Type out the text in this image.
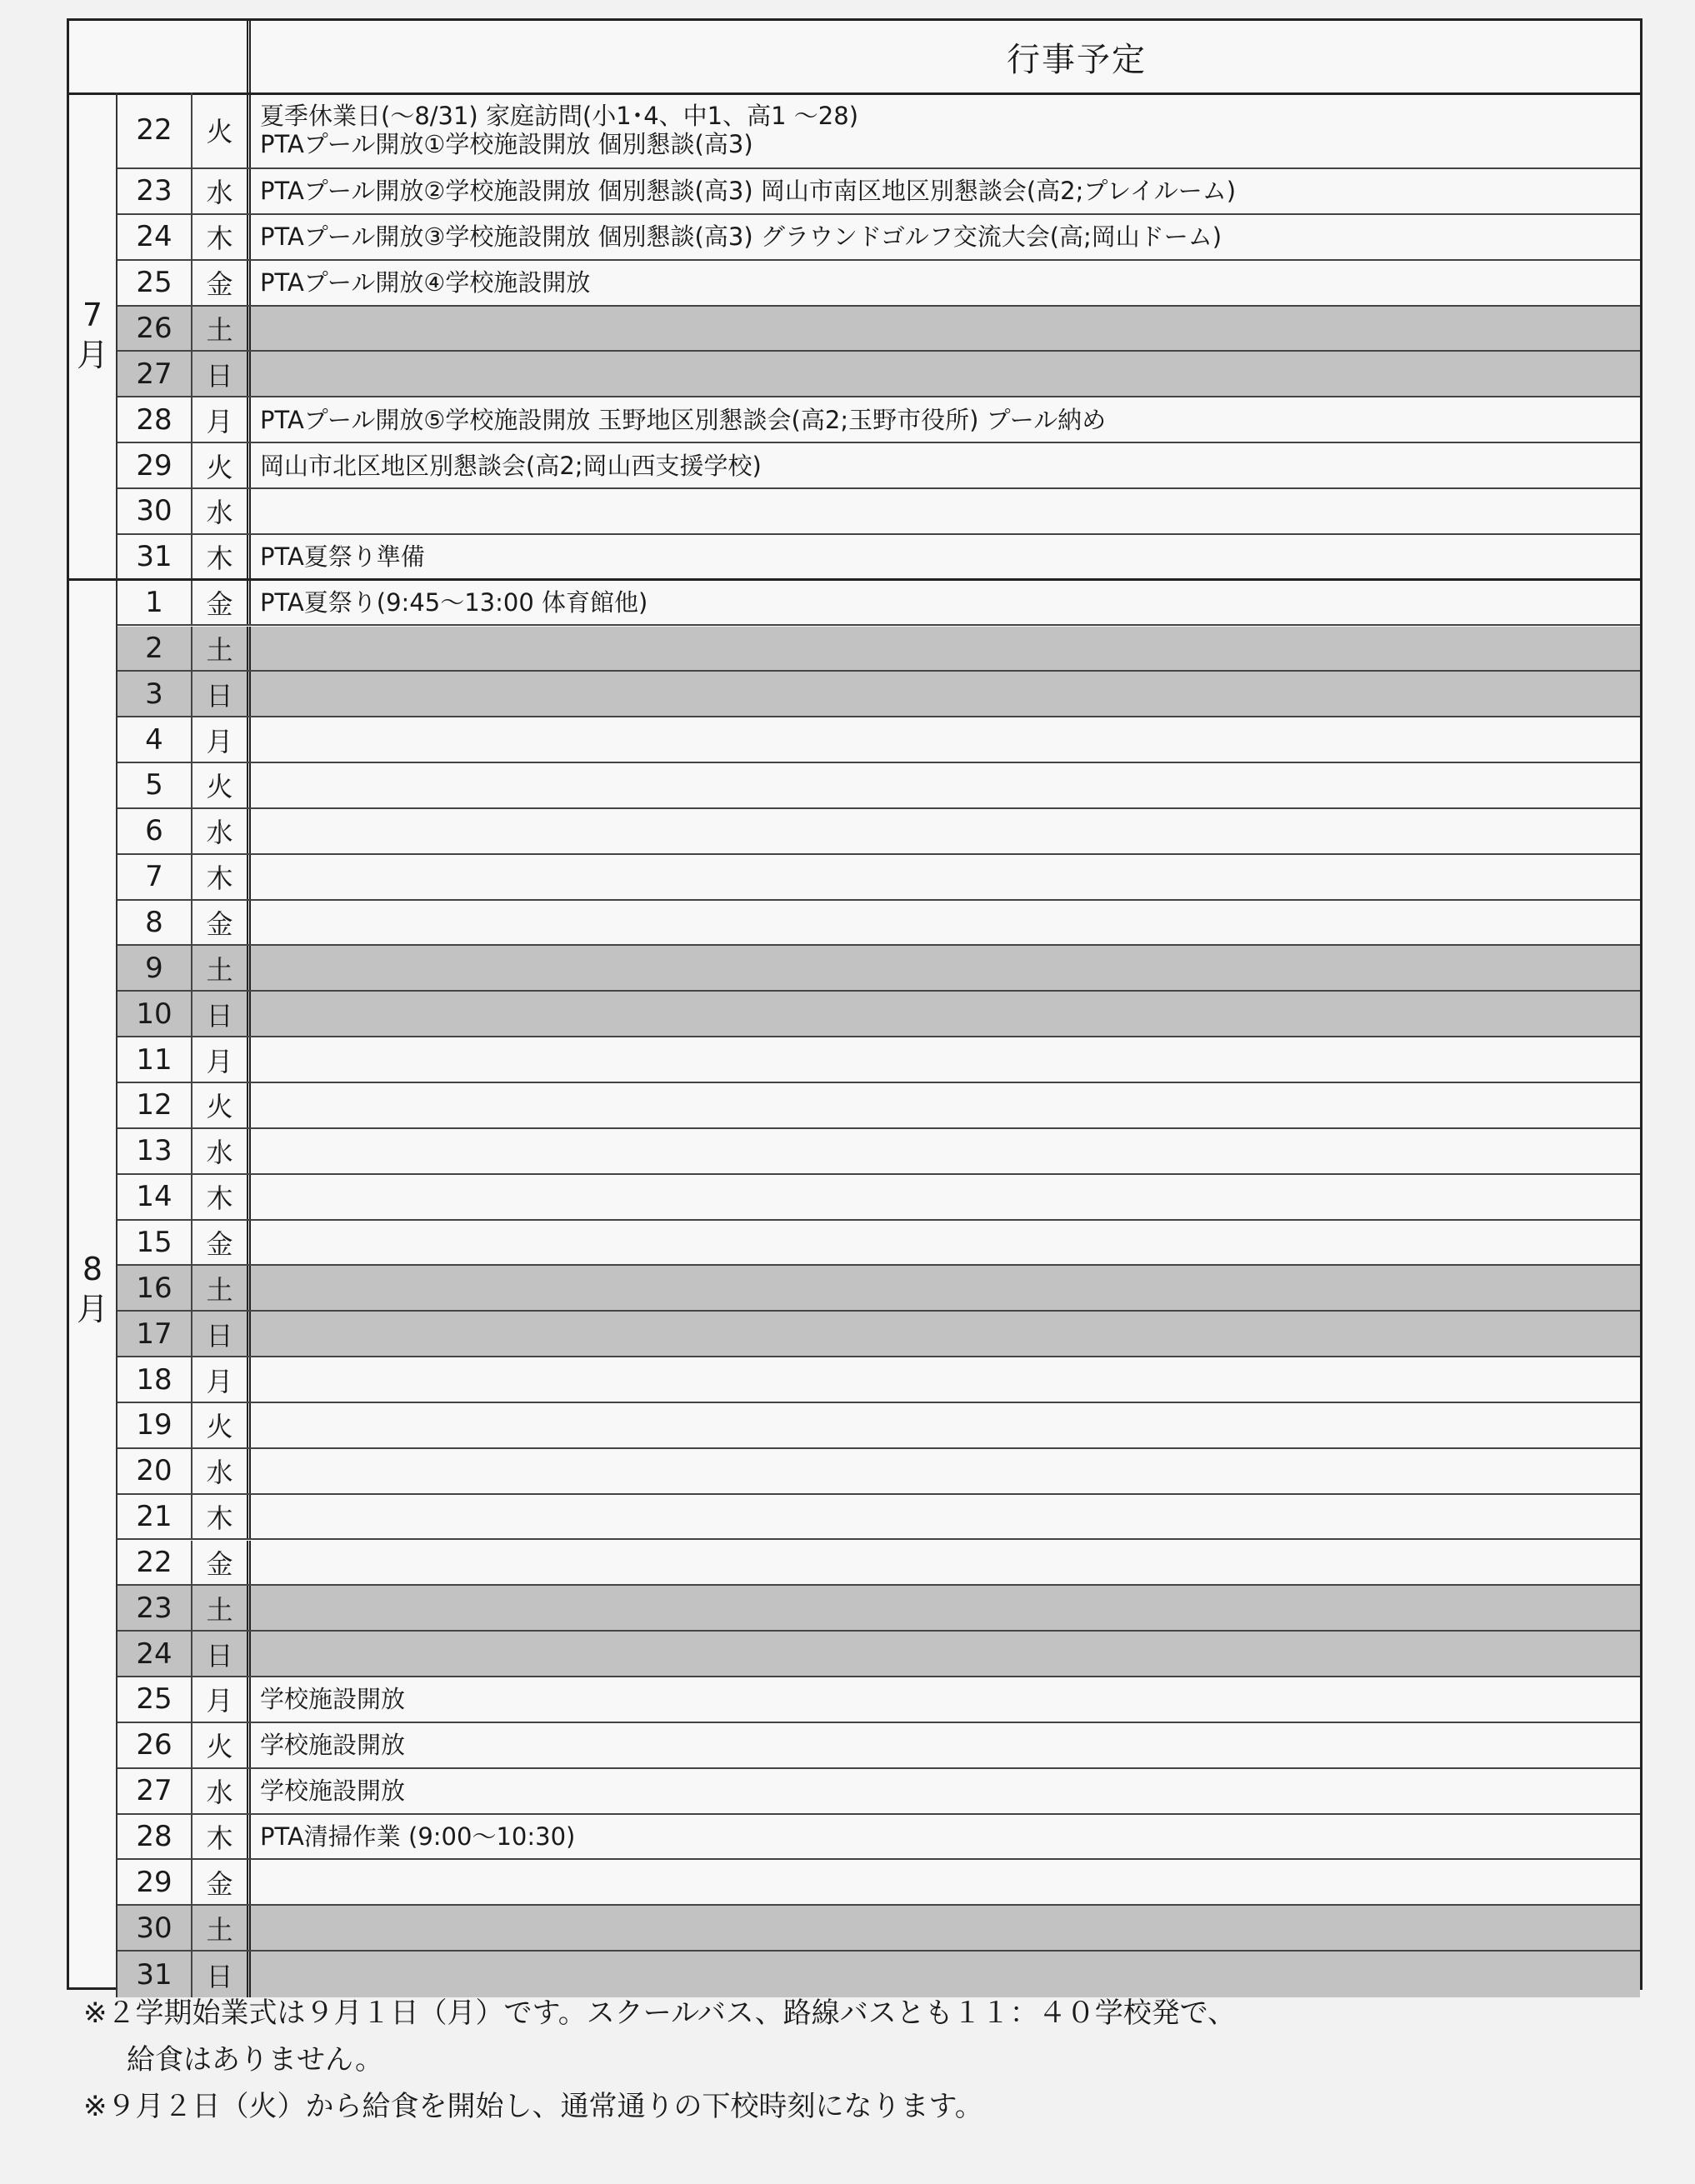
行事予定
7
月
8
月
22	火	夏季休業日(〜8/31) 家庭訪問(小1･4、中1、高1 〜28)
PTAプール開放①学校施設開放 個別懇談(高3)
23	水	PTAプール開放②学校施設開放 個別懇談(高3) 岡山市南区地区別懇談会(高2;プレイルーム)
24	木	PTAプール開放③学校施設開放 個別懇談(高3) グラウンドゴルフ交流大会(高;岡山ドーム)
25	金	PTAプール開放④学校施設開放
26	土
27	日
28	月	PTAプール開放⑤学校施設開放 玉野地区別懇談会(高2;玉野市役所) プール納め
29	火	岡山市北区地区別懇談会(高2;岡山西支援学校)
30	水
31	木	PTA夏祭り準備
1	金	PTA夏祭り(9:45〜13:00 体育館他)
2	土
3	日
4	月
5	火
6	水
7	木
8	金
9	土
10	日
11	月
12	火
13	水
14	木
15	金
16	土
17	日
18	月
19	火
20	水
21	木
22	金
23	土
24	日
25	月	学校施設開放
26	火	学校施設開放
27	水	学校施設開放
28	木	PTA清掃作業 (9:00〜10:30)
29	金
30	土
31	日
※２学期始業式は９月１日（月）です。スクールバス、路線バスとも１１：４０学校発で、
給食はありません。
※９月２日（火）から給食を開始し、通常通りの下校時刻になります。
